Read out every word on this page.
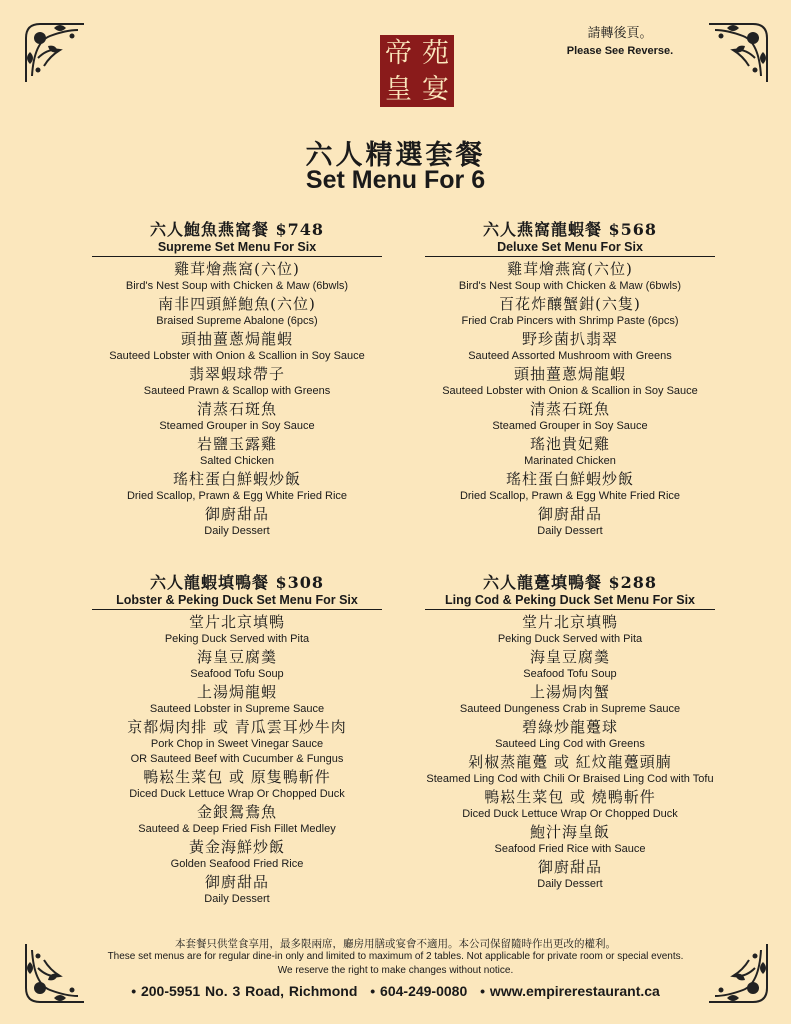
帝 苑
皇 宴
請轉後頁。
Please See Reverse.
六人精選套餐
Set Menu For 6
六人鮑魚燕窩餐 $748
Supreme Set Menu For Six
雞茸燴燕窩(六位)
Bird's Nest Soup with Chicken & Maw (6bwls)
南非四頭鮮鮑魚(六位)
Braised Supreme Abalone (6pcs)
頭抽薑蔥焗龍蝦
Sauteed Lobster with Onion & Scallion in Soy Sauce
翡翠蝦球帶子
Sauteed Prawn & Scallop with Greens
清蒸石斑魚
Steamed Grouper in Soy Sauce
岩鹽玉露雞
Salted Chicken
瑤柱蛋白鮮蝦炒飯
Dried Scallop, Prawn & Egg White Fried Rice
御廚甜品
Daily Dessert
六人燕窩龍蝦餐 $568
Deluxe Set Menu For Six
雞茸燴燕窩(六位)
Bird's Nest Soup with Chicken & Maw (6bwls)
百花炸釀蟹鉗(六隻)
Fried Crab Pincers with Shrimp Paste (6pcs)
野珍菌扒翡翠
Sauteed Assorted Mushroom with Greens
頭抽薑蔥焗龍蝦
Sauteed Lobster with Onion & Scallion in Soy Sauce
清蒸石斑魚
Steamed Grouper in Soy Sauce
瑤池貴妃雞
Marinated Chicken
瑤柱蛋白鮮蝦炒飯
Dried Scallop, Prawn & Egg White Fried Rice
御廚甜品
Daily Dessert
六人龍蝦填鴨餐 $308
Lobster & Peking Duck Set Menu For Six
堂片北京填鴨
Peking Duck Served with Pita
海皇豆腐羹
Seafood Tofu Soup
上湯焗龍蝦
Sauteed Lobster in Supreme Sauce
京都焗肉排 或 青瓜雲耳炒牛肉
Pork Chop in Sweet Vinegar Sauce
OR Sauteed Beef with Cucumber & Fungus
鴨崧生菜包 或 原隻鴨斬件
Diced Duck Lettuce Wrap Or Chopped Duck
金銀鴛鴦魚
Sauteed & Deep Fried Fish Fillet Medley
黃金海鮮炒飯
Golden Seafood Fried Rice
御廚甜品
Daily Dessert
六人龍躉填鴨餐 $288
Ling Cod & Peking Duck Set Menu For Six
堂片北京填鴨
Peking Duck Served with Pita
海皇豆腐羹
Seafood Tofu Soup
上湯焗肉蟹
Sauteed Dungeness Crab in Supreme Sauce
碧綠炒龍躉球
Sauteed Ling Cod with Greens
剁椒蒸龍躉 或 紅炆龍躉頭腩
Steamed Ling Cod with Chili Or Braised Ling Cod with Tofu
鴨崧生菜包 或 燒鴨斬件
Diced Duck Lettuce Wrap Or Chopped Duck
鮑汁海皇飯
Seafood Fried Rice with Sauce
御廚甜品
Daily Dessert
本套餐只供堂食享用，最多限兩席，廳房用膳或宴會不適用。本公司保留隨時作出更改的權利。
These set menus are for regular dine-in only and limited to maximum of 2 tables. Not applicable for private room or special events.
We reserve the right to make changes without notice.
• 200-5951 No. 3 Road, Richmond • 604-249-0080 • www.empirerestaurant.ca
